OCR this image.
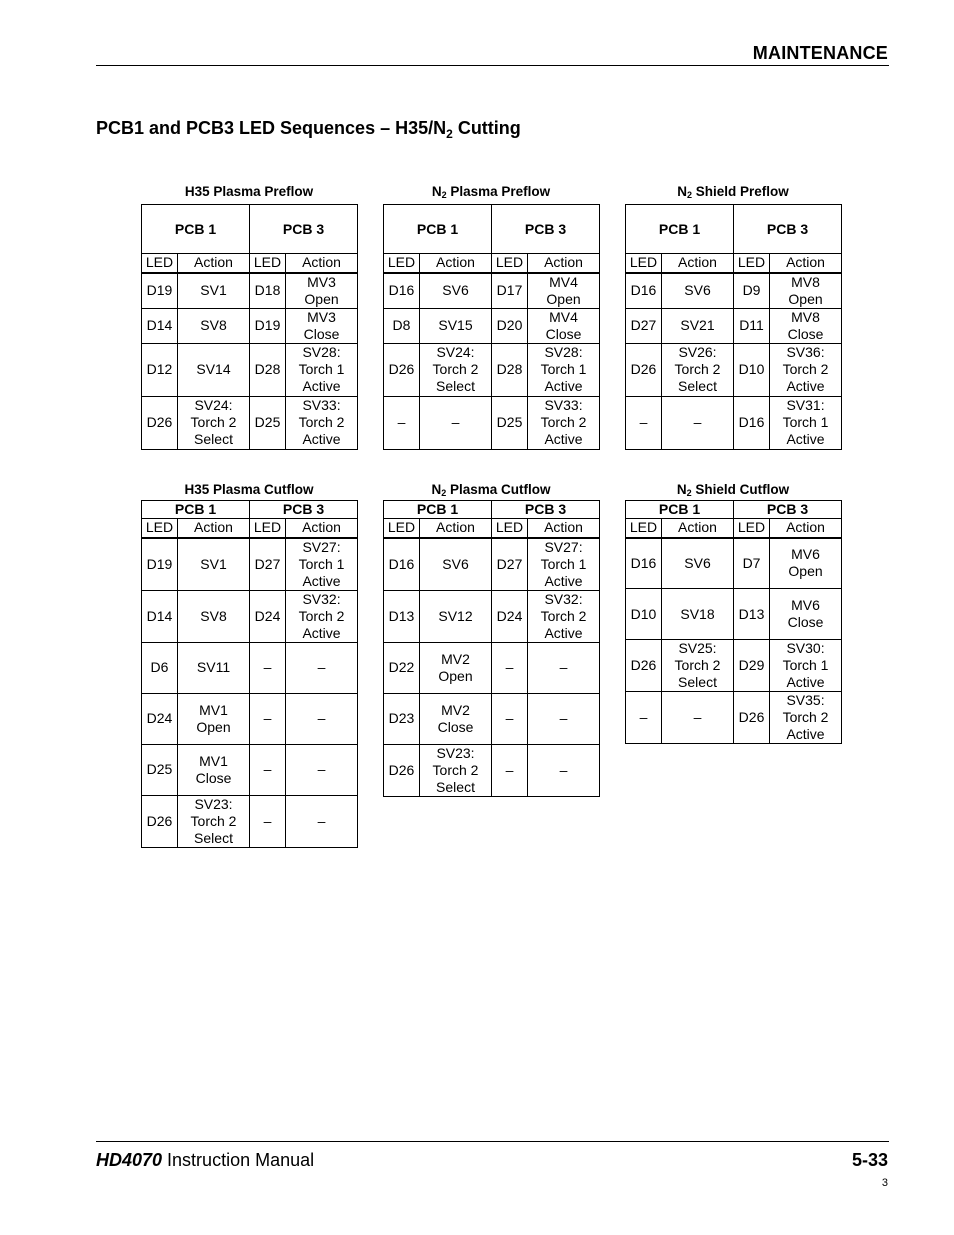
MAINTENANCE
PCB1 and PCB3 LED Sequences – $H35/N_2$ Cutting
H35 Plasma Preflow
PCB 1		PCB 3	
LED	Action	LED	Action
D19	SV1	D18	MV3
Open
D14	SV8	D19	MV3
Close
D12	SV14	D28	SV28:
Torch 1
Active
D26	SV24:
Torch 2
Select	D25	SV33:
Torch 2
Active
$N_2$ Plasma Preflow
PCB 1		PCB 3	
LED	Action	LED	Action
D16	SV6	D17	MV4
Open
D8	SV15	D20	MV4
Close
D26	SV24:
Torch 2
Select	D28	SV28:
Torch 1
Active
–	–	D25	SV33:
Torch 2
Active
$N_2$ Shield Preflow
PCB 1		PCB 3	
LED	Action	LED	Action
D16	SV6	D9	MV8
Open
D27	SV21	D11	MV8
Close
D26	SV26:
Torch 2
Select	D10	SV36:
Torch 2
Active
–	–	D16	SV31:
Torch 1
Active
H35 Plasma Cutflow
PCB 1		PCB 3	
LED	Action	LED	Action
D19	SV1	D27	SV27:
Torch 1
Active
D14	SV8	D24	SV32:
Torch 2
Active
D6	SV11	–	–
D24	MV1
Open	–	–
D25	MV1
Close	–	–
D26	SV23:
Torch 2
Select	–	–
$N_2$ Plasma Cutflow
PCB 1		PCB 3	
LED	Action	LED	Action
D16	SV6	D27	SV27:
Torch 1
Active
D13	SV12	D24	SV32:
Torch 2
Active
D22	MV2
Open	–	–
D23	MV2
Close	–	–
D26	SV23:
Torch 2
Select	–	–
$N_2$ Shield Cutflow
PCB 1		PCB 3	
LED	Action	LED	Action
D16	SV6	D7	MV6
Open
D10	SV18	D13	MV6
Close
D26	SV25:
Torch 2
Select	D29	SV30:
Torch 1
Active
–	–	D26	SV35:
Torch 2
Active
HD4070 Instruction Manual	5-33
3
